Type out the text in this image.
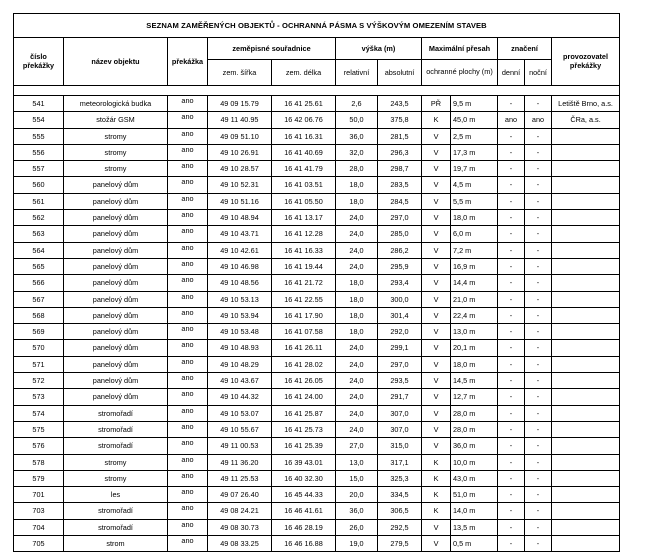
SEZNAM ZAMĚŘENÝCH OBJEKTŮ - OCHRANNÁ PÁSMA S VÝŠKOVÝM OMEZENÍM STAVEB											
číslo překážky	název objektu	překážka	zeměpisné souřadnice		výška (m)		Maximální přesah		značení		provozovatel překážky
			zem. šířka	zem. délka	relativní	absolutní	ochranné plochy (m)		denní	noční	

541	meteorologická budka	ano	49 09 15.79	16 41 25.61	2,6	243,5	PŘ	9,5 m	-	-	Letiště Brno, a.s.
554	stožár GSM	ano	49 11 40.95	16 42 06.76	50,0	375,8	K	45,0 m	ano	ano	ČRa, a.s.
555	stromy	ano	49 09 51.10	16 41 16.31	36,0	281,5	V	2,5 m	-	-	
556	stromy	ano	49 10 26.91	16 41 40.69	32,0	296,3	V	17,3 m	-	-	
557	stromy	ano	49 10 28.57	16 41 41.79	28,0	298,7	V	19,7 m	-	-	
560	panelový dům	ano	49 10 52.31	16 41 03.51	18,0	283,5	V	4,5 m	-	-	
561	panelový dům	ano	49 10 51.16	16 41 05.50	18,0	284,5	V	5,5 m	-	-	
562	panelový dům	ano	49 10 48.94	16 41 13.17	24,0	297,0	V	18,0 m	-	-	
563	panelový dům	ano	49 10 43.71	16 41 12.28	24,0	285,0	V	6,0 m	-	-	
564	panelový dům	ano	49 10 42.61	16 41 16.33	24,0	286,2	V	7,2 m	-	-	
565	panelový dům	ano	49 10 46.98	16 41 19.44	24,0	295,9	V	16,9 m	-	-	
566	panelový dům	ano	49 10 48.56	16 41 21.72	18,0	293,4	V	14,4 m	-	-	
567	panelový dům	ano	49 10 53.13	16 41 22.55	18,0	300,0	V	21,0 m	-	-	
568	panelový dům	ano	49 10 53.94	16 41 17.90	18,0	301,4	V	22,4 m	-	-	
569	panelový dům	ano	49 10 53.48	16 41 07.58	18,0	292,0	V	13,0 m	-	-	
570	panelový dům	ano	49 10 48.93	16 41 26.11	24,0	299,1	V	20,1 m	-	-	
571	panelový dům	ano	49 10 48.29	16 41 28.02	24,0	297,0	V	18,0 m	-	-	
572	panelový dům	ano	49 10 43.67	16 41 26.05	24,0	293,5	V	14,5 m	-	-	
573	panelový dům	ano	49 10 44.32	16 41 24.00	24,0	291,7	V	12,7 m	-	-	
574	stromořadí	ano	49 10 53.07	16 41 25.87	24,0	307,0	V	28,0 m	-	-	
575	stromořadí	ano	49 10 55.67	16 41 25.73	24,0	307,0	V	28,0 m	-	-	
576	stromořadí	ano	49 11 00.53	16 41 25.39	27,0	315,0	V	36,0 m	-	-	
578	stromy	ano	49 11 36.20	16 39 43.01	13,0	317,1	K	10,0 m	-	-	
579	stromy	ano	49 11 25.53	16 40 32.30	15,0	325,3	K	43,0 m	-	-	
701	les	ano	49 07 26.40	16 45 44.33	20,0	334,5	K	51,0 m	-	-	
703	stromořadí	ano	49 08 24.21	16 46 41.61	36,0	306,5	K	14,0 m	-	-	
704	stromořadí	ano	49 08 30.73	16 46 28.19	26,0	292,5	V	13,5 m	-	-	
705	strom	ano	49 08 33.25	16 46 16.88	19,0	279,5	V	0,5 m	-	-	
